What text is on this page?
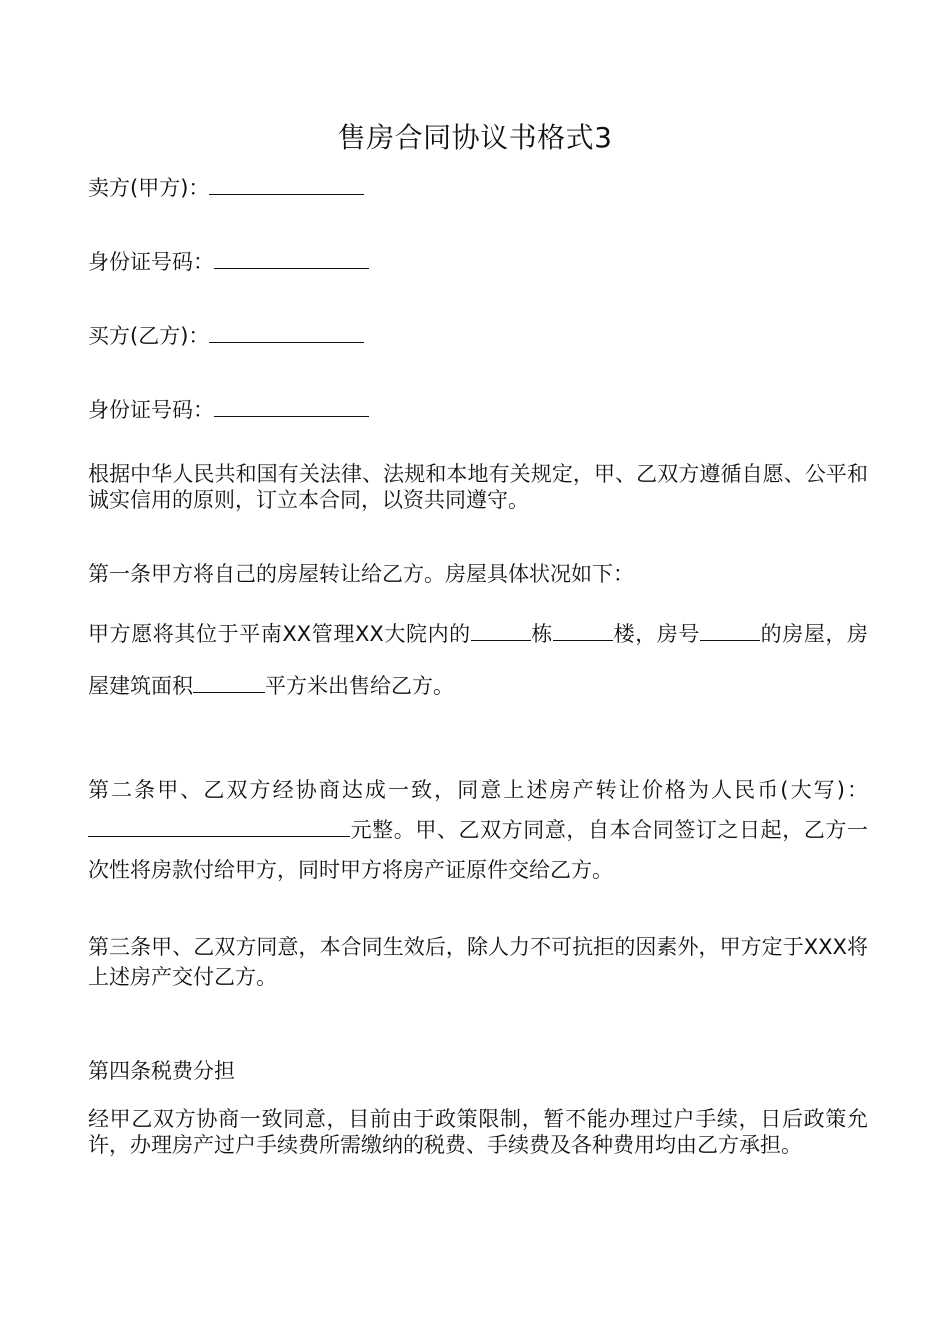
售房合同协议书格式3
卖方(甲方)：
身份证号码：
买方(乙方)：
身份证号码：
根据中华人民共和国有关法律、法规和本地有关规定，甲、乙双方遵循自愿、公平和诚实信用的原则，订立本合同，以资共同遵守。
第一条甲方将自己的房屋转让给乙方。房屋具体状况如下：
甲方愿将其位于平南XX管理XX大院内的	栋	楼，房号	的房屋，房屋建筑面积	平方米出售给乙方。
第二条甲、乙双方经协商达成一致，同意上述房产转让价格为人民币(大写)：元整。甲、乙双方同意，自本合同签订之日起，乙方一次性将房款付给甲方，同时甲方将房产证原件交给乙方。
第三条甲、乙双方同意，本合同生效后，除人力不可抗拒的因素外，甲方定于XXX将上述房产交付乙方。
第四条税费分担
经甲乙双方协商一致同意，目前由于政策限制，暂不能办理过户手续，日后政策允许，办理房产过户手续费所需缴纳的税费、手续费及各种费用均由乙方承担。
